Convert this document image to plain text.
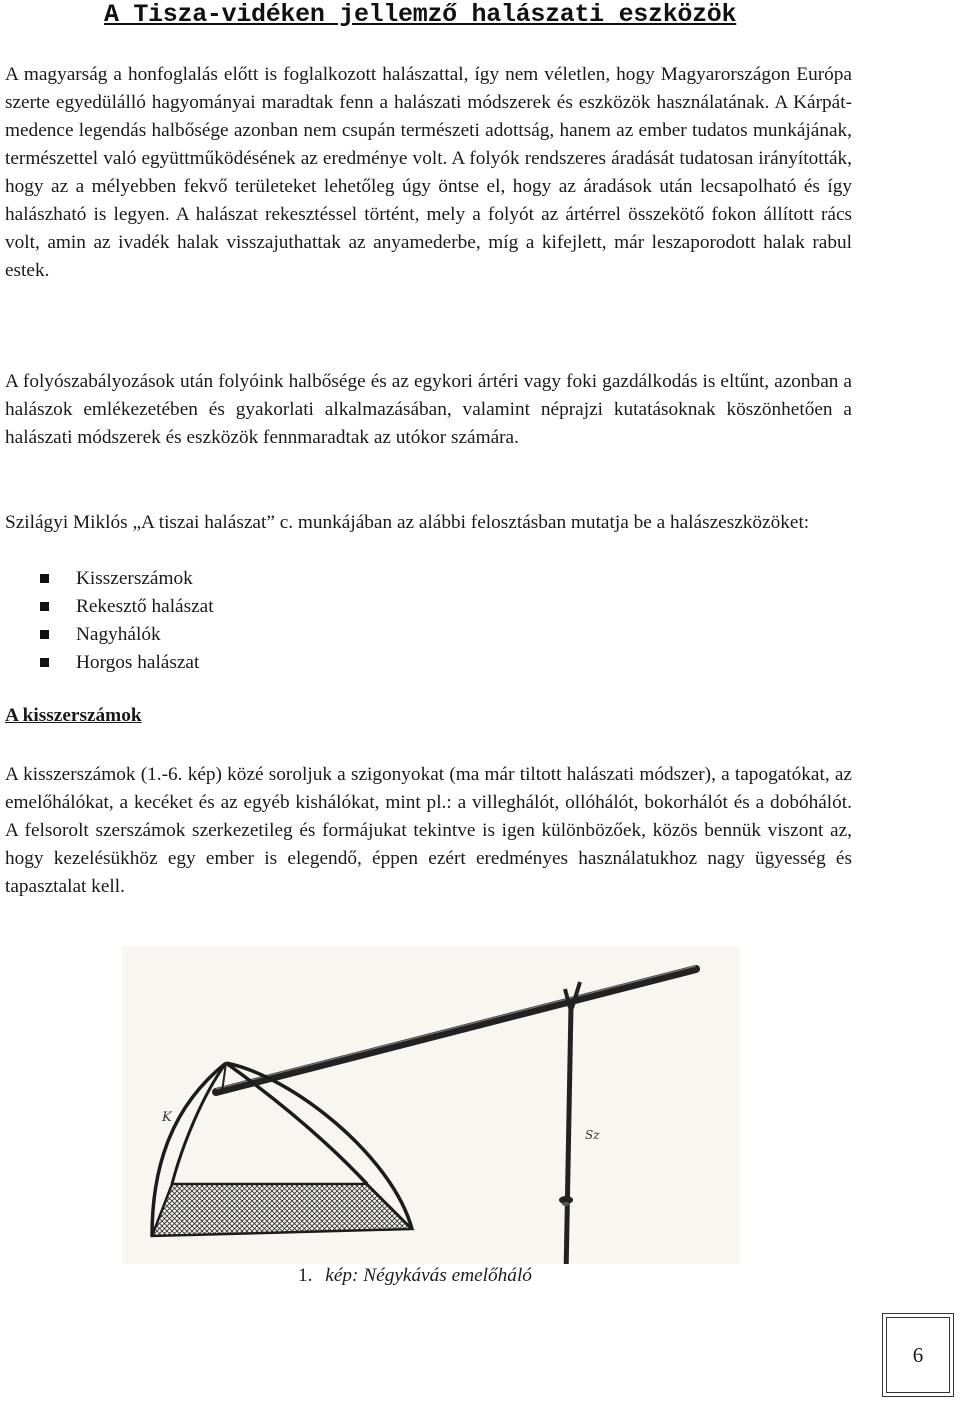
A Tisza-vidéken jellemző halászati eszközök
A magyarság a honfoglalás előtt is foglalkozott halászattal, így nem véletlen, hogy Magyarországon Európa szerte egyedülálló hagyományai maradtak fenn a halászati módszerek és eszközök használatának. A Kárpát-medence legendás halbősége azonban nem csupán természeti adottság, hanem az ember tudatos munkájának, természettel való együttműködésének az eredménye volt. A folyók rendszeres áradását tudatosan irányították, hogy az a mélyebben fekvő területeket lehetőleg úgy öntse el, hogy az áradások után lecsapolható és így halászható is legyen. A halászat rekesztéssel történt, mely a folyót az ártérrel összekötő fokon állított rács volt, amin az ivadék halak visszajuthattak az anyamederbe, míg a kifejlett, már leszaporodott halak rabul estek.
A folyószabályozások után folyóink halbősége és az egykori ártéri vagy foki gazdálkodás is eltűnt, azonban a halászok emlékezetében és gyakorlati alkalmazásában, valamint néprajzi kutatásoknak köszönhetően a halászati módszerek és eszközök fennmaradtak az utókor számára.
Szilágyi Miklós „A tiszai halászat” c. munkájában az alábbi felosztásban mutatja be a halászeszközöket:
Kisszerszámok
Rekesztő halászat
Nagyhálók
Horgos halászat
A kisszerszámok
A kisszerszámok (1.-6. kép) közé soroljuk a szigonyokat (ma már tiltott halászati módszer), a tapogatókat, az emelőhálókat, a kecéket és az egyéb kishálókat, mint pl.: a villeghálót, ollóhálót, bokorhálót és a dobóhálót. A felsorolt szerszámok szerkezetileg és formájukat tekintve is igen különbözőek, közös bennük viszont az, hogy kezelésükhöz egy ember is elegendő, éppen ezért eredményes használatukhoz nagy ügyesség és tapasztalat kell.
K
Sz
1. kép: Négykávás emelőháló
6
